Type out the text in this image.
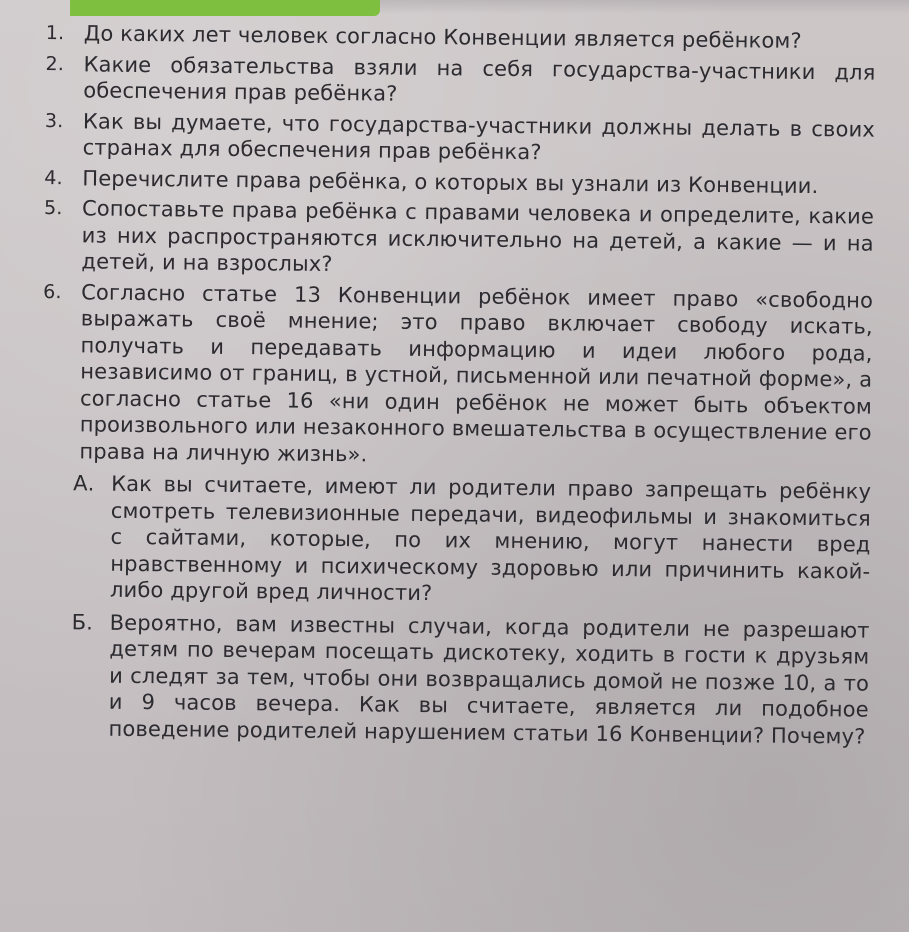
1. До каких лет человек согласно Конвенции является ребёнком?
2. Какие обязательства взяли на себя государства-участники для обеспечения прав ребёнка?
3. Как вы думаете, что государства-участники должны делать в своих странах для обеспечения прав ребёнка?
4. Перечислите права ребёнка, о которых вы узнали из Конвенции.
5. Сопоставьте права ребёнка с правами человека и определите, какие из них распространяются исключительно на детей, а какие — и на детей, и на взрослых?
6. Согласно статье 13 Конвенции ребёнок имеет право «свободно выражать своё мнение; это право включает свободу искать, получать и передавать информацию и идеи любого рода, независимо от границ, в устной, письменной или печатной форме», а согласно статье 16 «ни один ребёнок не может быть объектом произвольного или незаконного вмешательства в осуществление его права на личную жизнь».
А. Как вы считаете, имеют ли родители право запрещать ребёнку смотреть телевизионные передачи, видеофильмы и знакомиться с сайтами, которые, по их мнению, могут нанести вред нравственному и психическому здоровью или причинить какой-либо другой вред личности?
Б. Вероятно, вам известны случаи, когда родители не разрешают детям по вечерам посещать дискотеку, ходить в гости к друзьям и следят за тем, чтобы они возвращались домой не позже 10, а то и 9 часов вечера. Как вы считаете, является ли подобное поведение родителей нарушением статьи 16 Конвенции? Почему?
